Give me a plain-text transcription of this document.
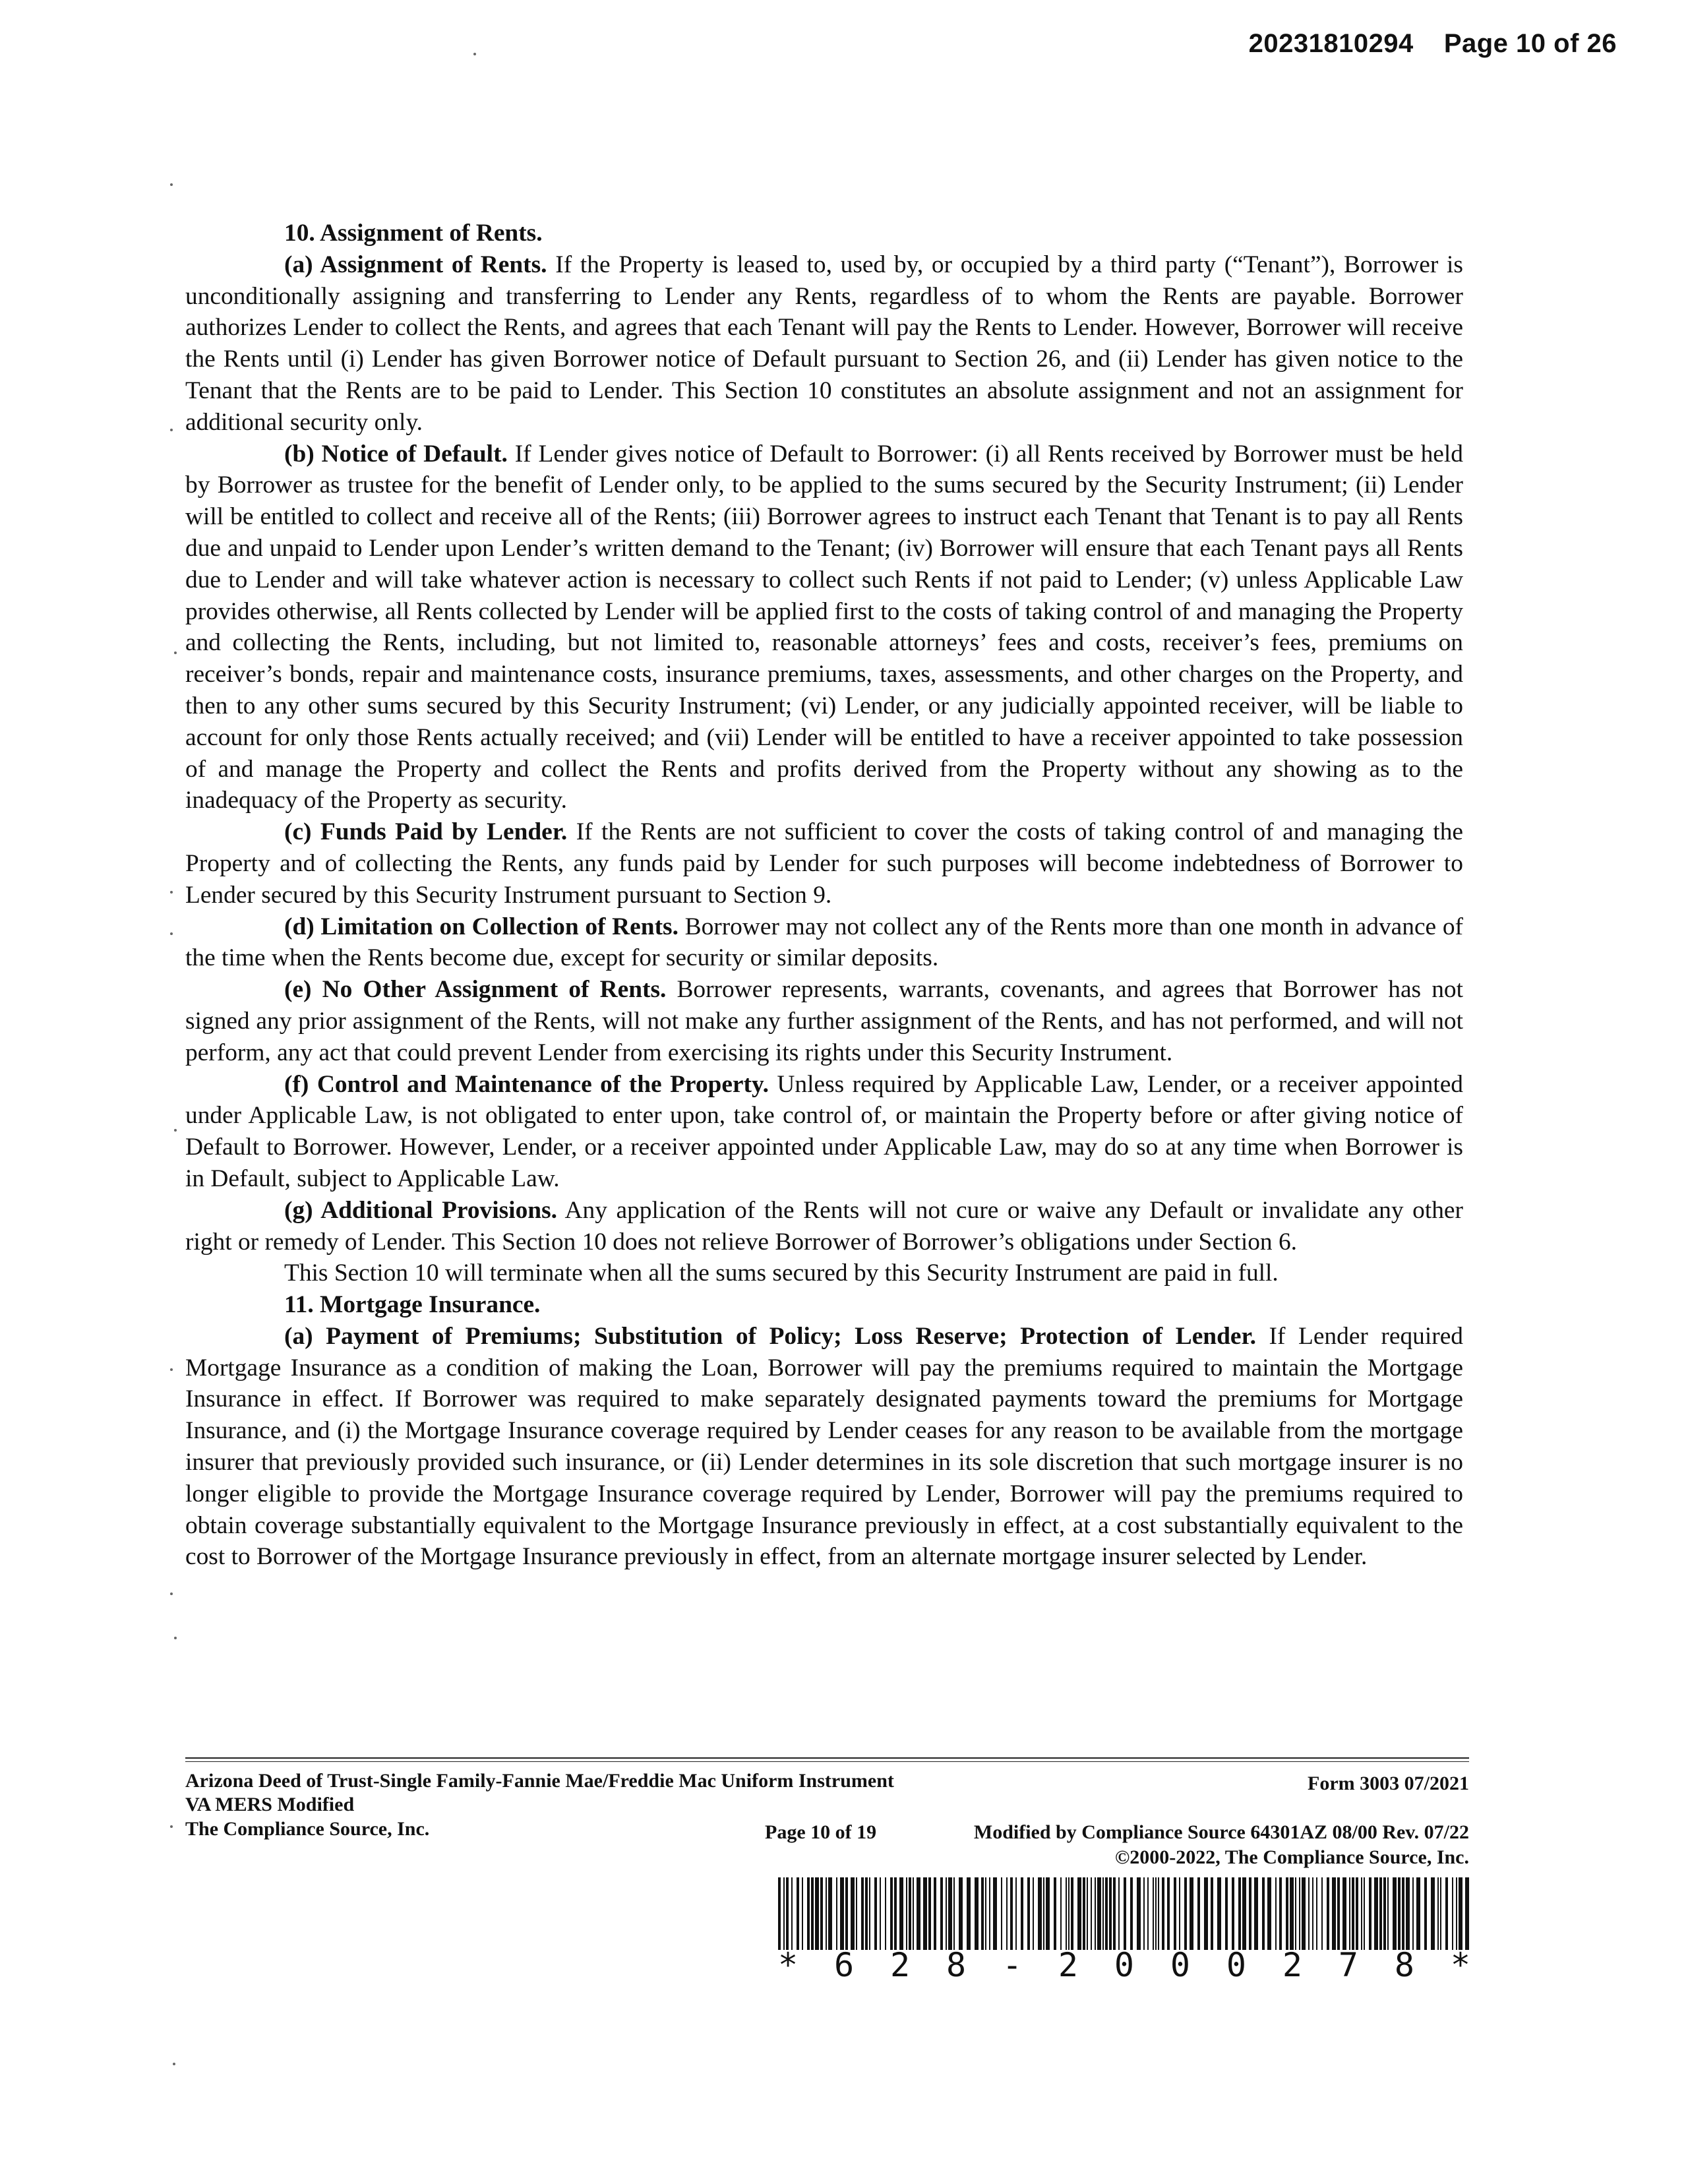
20231810294 Page 10 of 26

10. Assignment of Rents.

(a) Assignment of Rents. If the Property is leased to, used by, or occupied by a third party (“Tenant”), Borrower is unconditionally assigning and transferring to Lender any Rents, regardless of to whom the Rents are payable. Borrower authorizes Lender to collect the Rents, and agrees that each Tenant will pay the Rents to Lender. However, Borrower will receive the Rents until (i) Lender has given Borrower notice of Default pursuant to Section 26, and (ii) Lender has given notice to the Tenant that the Rents are to be paid to Lender. This Section 10 constitutes an absolute assignment and not an assignment for additional security only.

(b) Notice of Default. If Lender gives notice of Default to Borrower: (i) all Rents received by Borrower must be held by Borrower as trustee for the benefit of Lender only, to be applied to the sums secured by the Security Instrument; (ii) Lender will be entitled to collect and receive all of the Rents; (iii) Borrower agrees to instruct each Tenant that Tenant is to pay all Rents due and unpaid to Lender upon Lender’s written demand to the Tenant; (iv) Borrower will ensure that each Tenant pays all Rents due to Lender and will take whatever action is necessary to collect such Rents if not paid to Lender; (v) unless Applicable Law provides otherwise, all Rents collected by Lender will be applied first to the costs of taking control of and managing the Property and collecting the Rents, including, but not limited to, reasonable attorneys’ fees and costs, receiver’s fees, premiums on receiver’s bonds, repair and maintenance costs, insurance premiums, taxes, assessments, and other charges on the Property, and then to any other sums secured by this Security Instrument; (vi) Lender, or any judicially appointed receiver, will be liable to account for only those Rents actually received; and (vii) Lender will be entitled to have a receiver appointed to take possession of and manage the Property and collect the Rents and profits derived from the Property without any showing as to the inadequacy of the Property as security.

(c) Funds Paid by Lender. If the Rents are not sufficient to cover the costs of taking control of and managing the Property and of collecting the Rents, any funds paid by Lender for such purposes will become indebtedness of Borrower to Lender secured by this Security Instrument pursuant to Section 9.

(d) Limitation on Collection of Rents. Borrower may not collect any of the Rents more than one month in advance of the time when the Rents become due, except for security or similar deposits.

(e) No Other Assignment of Rents. Borrower represents, warrants, covenants, and agrees that Borrower has not signed any prior assignment of the Rents, will not make any further assignment of the Rents, and has not performed, and will not perform, any act that could prevent Lender from exercising its rights under this Security Instrument.

(f) Control and Maintenance of the Property. Unless required by Applicable Law, Lender, or a receiver appointed under Applicable Law, is not obligated to enter upon, take control of, or maintain the Property before or after giving notice of Default to Borrower. However, Lender, or a receiver appointed under Applicable Law, may do so at any time when Borrower is in Default, subject to Applicable Law.

(g) Additional Provisions. Any application of the Rents will not cure or waive any Default or invalidate any other right or remedy of Lender. This Section 10 does not relieve Borrower of Borrower’s obligations under Section 6.

This Section 10 will terminate when all the sums secured by this Security Instrument are paid in full.

11. Mortgage Insurance.

(a) Payment of Premiums; Substitution of Policy; Loss Reserve; Protection of Lender. If Lender required Mortgage Insurance as a condition of making the Loan, Borrower will pay the premiums required to maintain the Mortgage Insurance in effect. If Borrower was required to make separately designated payments toward the premiums for Mortgage Insurance, and (i) the Mortgage Insurance coverage required by Lender ceases for any reason to be available from the mortgage insurer that previously provided such insurance, or (ii) Lender determines in its sole discretion that such mortgage insurer is no longer eligible to provide the Mortgage Insurance coverage required by Lender, Borrower will pay the premiums required to obtain coverage substantially equivalent to the Mortgage Insurance previously in effect, at a cost substantially equivalent to the cost to Borrower of the Mortgage Insurance previously in effect, from an alternate mortgage insurer selected by Lender.

Arizona Deed of Trust-Single Family-Fannie Mae/Freddie Mac Uniform Instrument	Form 3003 07/2021
VA MERS Modified
The Compliance Source, Inc.	Page 10 of 19	Modified by Compliance Source 64301AZ 08/00 Rev. 07/22
©2000-2022, The Compliance Source, Inc.
* 6 2 8 - 2 0 0 0 2 7 8 *
